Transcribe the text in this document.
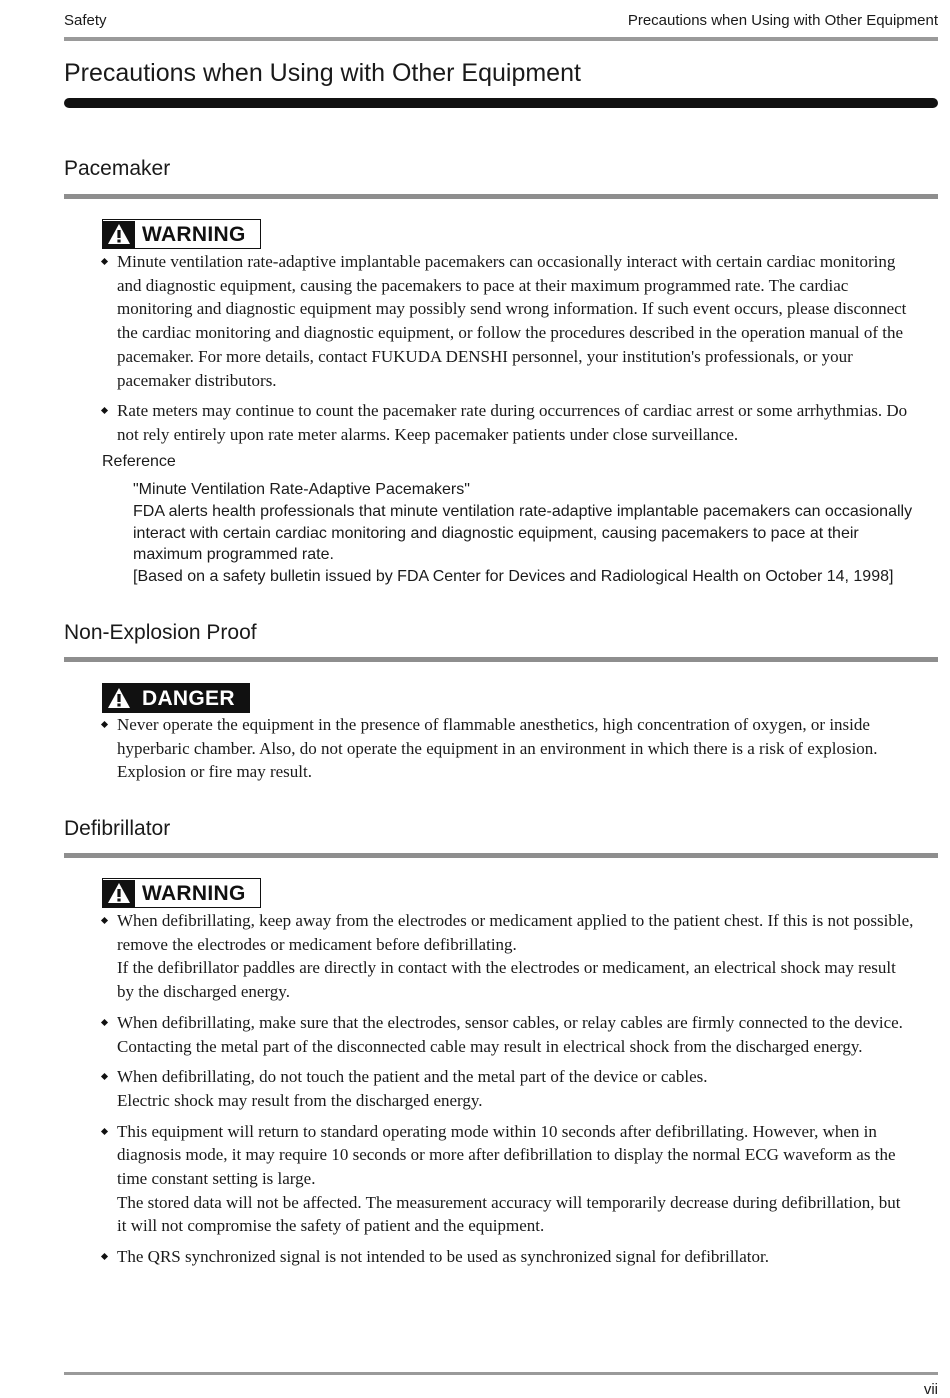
Safety	Precautions when Using with Other Equipment
Precautions when Using with Other Equipment
Pacemaker
WARNING

Minute ventilation rate-adaptive implantable pacemakers can occasionally interact with certain cardiac monitoring and diagnostic equipment, causing the pacemakers to pace at their maximum programmed rate. The cardiac monitoring and diagnostic equipment may possibly send wrong information. If such event occurs, please disconnect the cardiac monitoring and diagnostic equipment, or follow the procedures described in the operation manual of the pacemaker. For more details, contact FUKUDA DENSHI personnel, your institution's professionals, or your pacemaker distributors.

Rate meters may continue to count the pacemaker rate during occurrences of cardiac arrest or some arrhythmias. Do not rely entirely upon rate meter alarms. Keep pacemaker patients under close surveillance.

Reference

"Minute Ventilation Rate-Adaptive Pacemakers"

FDA alerts health professionals that minute ventilation rate-adaptive implantable pacemakers can occasionally interact with certain cardiac monitoring and diagnostic equipment, causing pacemakers to pace at their maximum programmed rate.

[Based on a safety bulletin issued by FDA Center for Devices and Radiological Health on October 14, 1998]

Non-Explosion Proof
DANGER

Never operate the equipment in the presence of flammable anesthetics, high concentration of oxygen, or inside hyperbaric chamber. Also, do not operate the equipment in an environment in which there is a risk of explosion. Explosion or fire may result.

Defibrillator
WARNING

When defibrillating, keep away from the electrodes or medicament applied to the patient chest. If this is not possible, remove the electrodes or medicament before defibrillating.

If the defibrillator paddles are directly in contact with the electrodes or medicament, an electrical shock may result by the discharged energy.

When defibrillating, make sure that the electrodes, sensor cables, or relay cables are firmly connected to the device.

Contacting the metal part of the disconnected cable may result in electrical shock from the discharged energy.

When defibrillating, do not touch the patient and the metal part of the device or cables.

Electric shock may result from the discharged energy.

This equipment will return to standard operating mode within 10 seconds after defibrillating. However, when in diagnosis mode, it may require 10 seconds or more after defibrillation to display the normal ECG waveform as the time constant setting is large.

The stored data will not be affected. The measurement accuracy will temporarily decrease during defibrillation, but it will not compromise the safety of patient and the equipment.

The QRS synchronized signal is not intended to be used as synchronized signal for defibrillator.

vii
